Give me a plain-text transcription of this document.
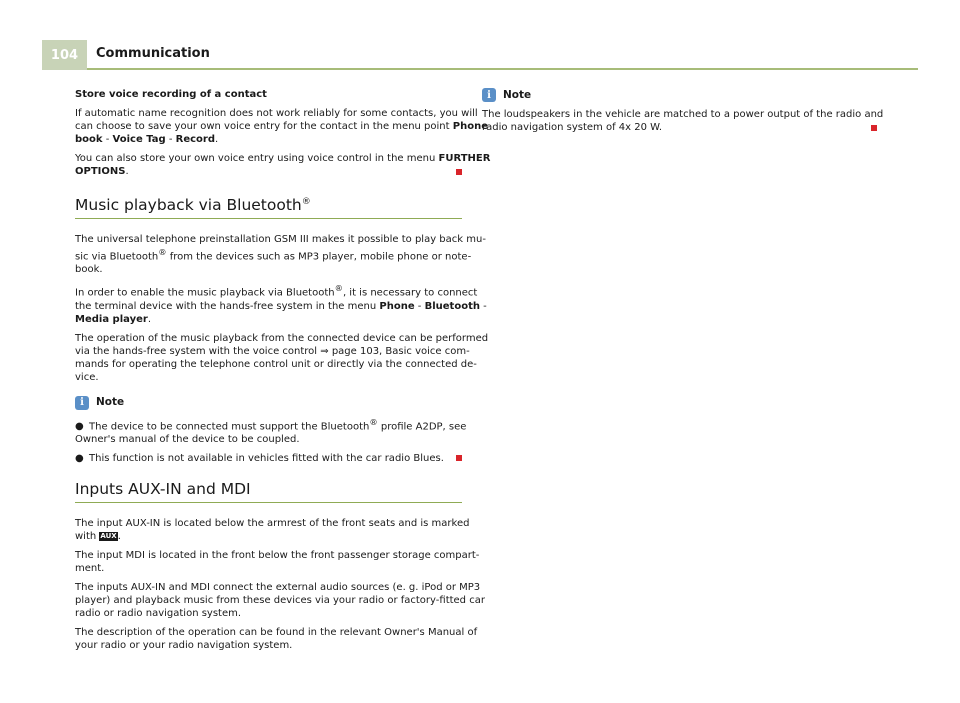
104	Communication

Store voice recording of a contact

If automatic name recognition does not work reliably for some contacts, you will
can choose to save your own voice entry for the contact in the menu point Phone
book - Voice Tag - Record.

You can also store your own voice entry using voice control in the menu FURTHER
OPTIONS.

Music playback via Bluetooth®

The universal telephone preinstallation GSM III makes it possible to play back mu-
sic via Bluetooth® from the devices such as MP3 player, mobile phone or note-
book.

In order to enable the music playback via Bluetooth®, it is necessary to connect
the terminal device with the hands-free system in the menu Phone - Bluetooth -
Media player.

The operation of the music playback from the connected device can be performed
via the hands-free system with the voice control ⇒ page 103, Basic voice com-
mands for operating the telephone control unit or directly via the connected de-
vice.

i	Note
● The device to be connected must support the Bluetooth® profile A2DP, see
Owner's manual of the device to be coupled.
● This function is not available in vehicles fitted with the car radio Blues.
Inputs AUX-IN and MDI

The input AUX-IN is located below the armrest of the front seats and is marked
with AUX.

The input MDI is located in the front below the front passenger storage compart-
ment.

The inputs AUX-IN and MDI connect the external audio sources (e. g. iPod or MP3
player) and playback music from these devices via your radio or factory-fitted car
radio or radio navigation system.

The description of the operation can be found in the relevant Owner's Manual of
your radio or your radio navigation system.

i	Note

The loudspeakers in the vehicle are matched to a power output of the radio and
radio navigation system of 4x 20 W.
